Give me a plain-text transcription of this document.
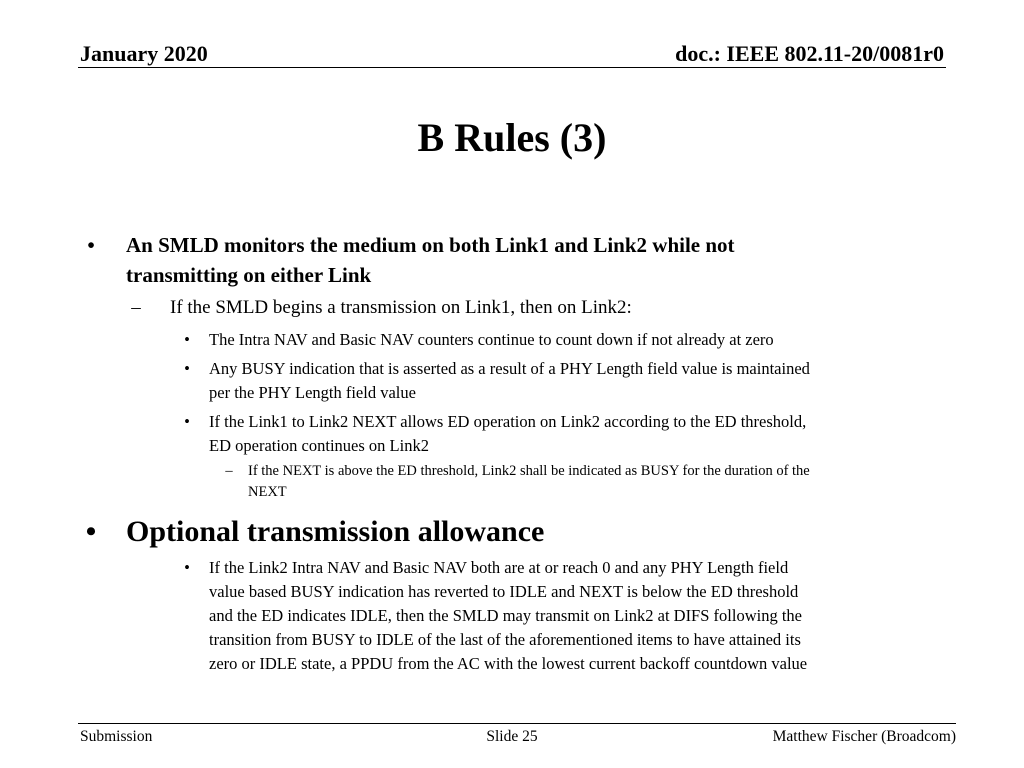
January 2020	doc.: IEEE 802.11-20/0081r0
B Rules (3)
• An SMLD monitors the medium on both Link1 and Link2 while not
transmitting on either Link
– If the SMLD begins a transmission on Link1, then on Link2:
• The Intra NAV and Basic NAV counters continue to count down if not already at zero
• Any BUSY indication that is asserted as a result of a PHY Length field value is maintained
per the PHY Length field value
• If the Link1 to Link2 NEXT allows ED operation on Link2 according to the ED threshold,
ED operation continues on Link2
– If the NEXT is above the ED threshold, Link2 shall be indicated as BUSY for the duration of the
NEXT
• Optional transmission allowance
• If the Link2 Intra NAV and Basic NAV both are at or reach 0 and any PHY Length field
value based BUSY indication has reverted to IDLE and NEXT is below the ED threshold
and the ED indicates IDLE, then the SMLD may transmit on Link2 at DIFS following the
transition from BUSY to IDLE of the last of the aforementioned items to have attained its
zero or IDLE state, a PPDU from the AC with the lowest current backoff countdown value
Submission	Slide 25	Matthew Fischer (Broadcom)
